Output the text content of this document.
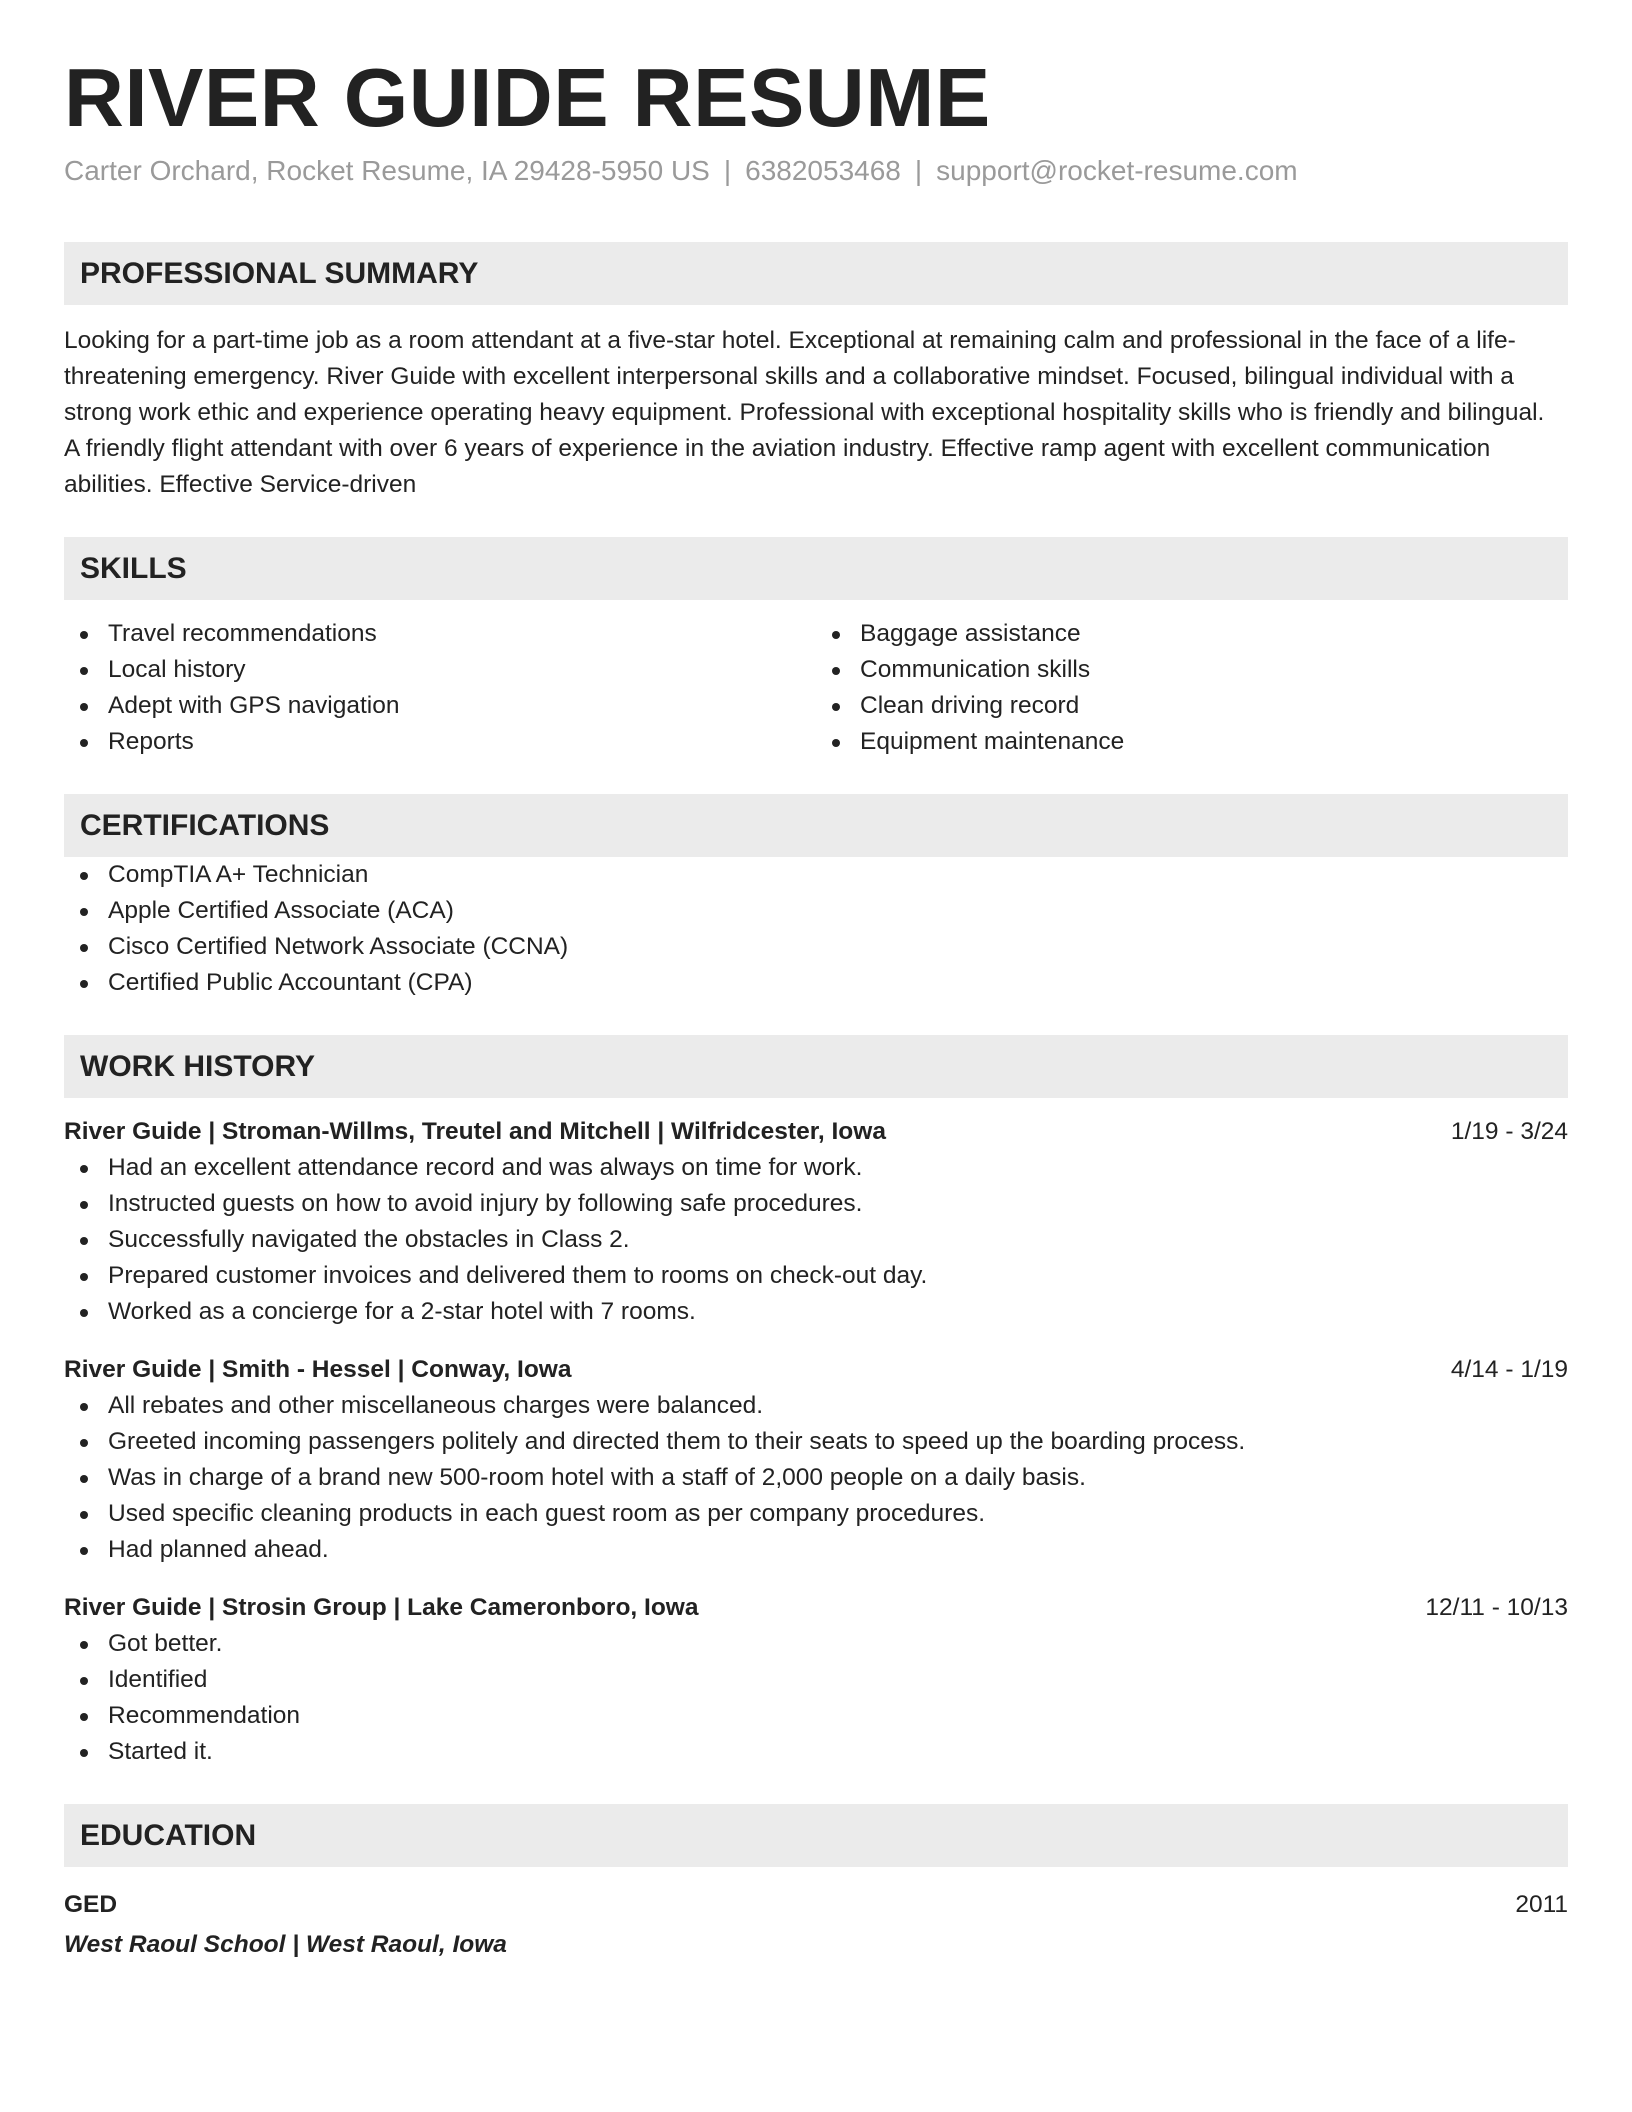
RIVER GUIDE RESUME
Carter Orchard, Rocket Resume, IA 29428-5950 US | 6382053468 | support@rocket-resume.com
PROFESSIONAL SUMMARY
Looking for a part-time job as a room attendant at a five-star hotel. Exceptional at remaining calm and professional in the face of a life-threatening emergency. River Guide with excellent interpersonal skills and a collaborative mindset. Focused, bilingual individual with a strong work ethic and experience operating heavy equipment. Professional with exceptional hospitality skills who is friendly and bilingual. A friendly flight attendant with over 6 years of experience in the aviation industry. Effective ramp agent with excellent communication abilities. Effective Service-driven
SKILLS
Travel recommendations
Local history
Adept with GPS navigation
Reports
Baggage assistance
Communication skills
Clean driving record
Equipment maintenance
CERTIFICATIONS
CompTIA A+ Technician
Apple Certified Associate (ACA)
Cisco Certified Network Associate (CCNA)
Certified Public Accountant (CPA)
WORK HISTORY
River Guide | Stroman-Willms, Treutel and Mitchell | Wilfridcester, Iowa	1/19 - 3/24
Had an excellent attendance record and was always on time for work.
Instructed guests on how to avoid injury by following safe procedures.
Successfully navigated the obstacles in Class 2.
Prepared customer invoices and delivered them to rooms on check-out day.
Worked as a concierge for a 2-star hotel with 7 rooms.
River Guide | Smith - Hessel | Conway, Iowa	4/14 - 1/19
All rebates and other miscellaneous charges were balanced.
Greeted incoming passengers politely and directed them to their seats to speed up the boarding process.
Was in charge of a brand new 500-room hotel with a staff of 2,000 people on a daily basis.
Used specific cleaning products in each guest room as per company procedures.
Had planned ahead.
River Guide | Strosin Group | Lake Cameronboro, Iowa	12/11 - 10/13
Got better.
Identified
Recommendation
Started it.
EDUCATION
GED	2011
West Raoul School | West Raoul, Iowa
